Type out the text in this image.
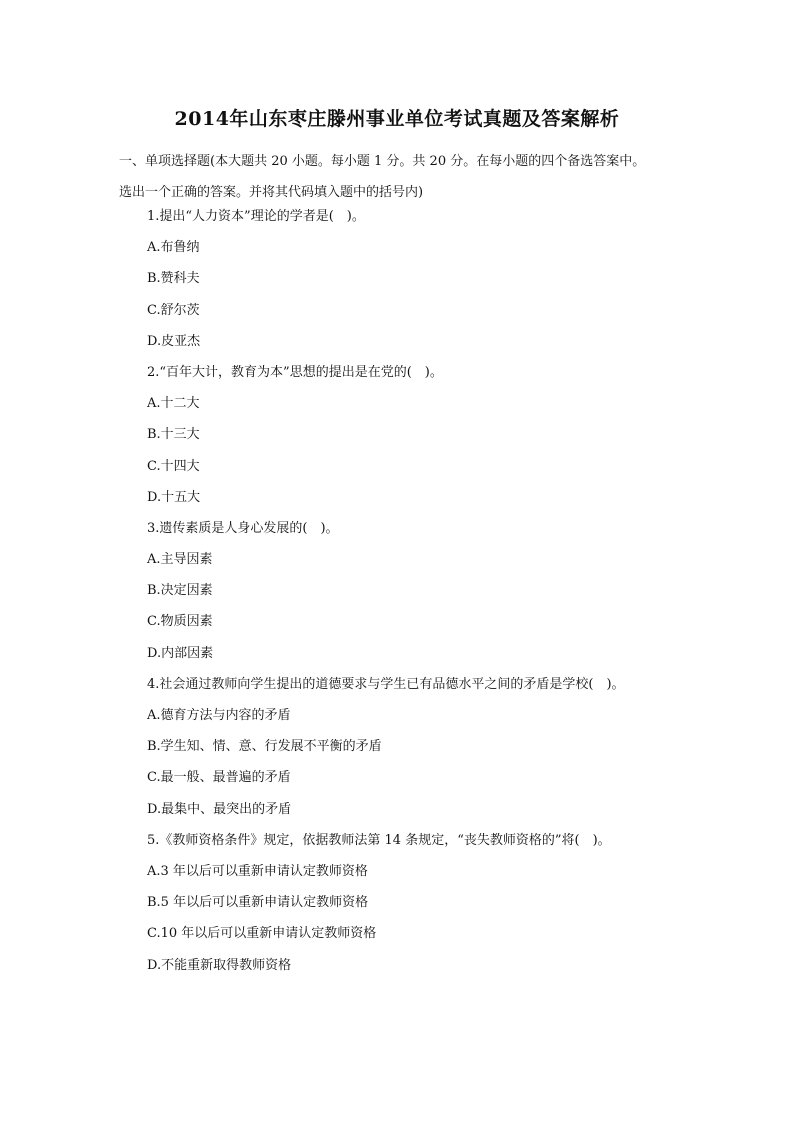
2014年山东枣庄滕州事业单位考试真题及答案解析
一、单项选择题(本大题共 20 小题。每小题 1 分。共 20 分。在每小题的四个备选答案中。
选出一个正确的答案。并将其代码填入题中的括号内)
1.提出“人力资本”理论的学者是(　)。
A.布鲁纳
B.赞科夫
C.舒尔茨
D.皮亚杰
2.“百年大计，教育为本”思想的提出是在党的(　)。
A.十二大
B.十三大
C.十四大
D.十五大
3.遗传素质是人身心发展的(　)。
A.主导因素
B.决定因素
C.物质因素
D.内部因素
4.社会通过教师向学生提出的道德要求与学生已有品德水平之间的矛盾是学校(　)。
A.德育方法与内容的矛盾
B.学生知、情、意、行发展不平衡的矛盾
C.最一般、最普遍的矛盾
D.最集中、最突出的矛盾
5.《教师资格条件》规定，依据教师法第 14 条规定，“丧失教师资格的”将(　)。
A.3 年以后可以重新申请认定教师资格
B.5 年以后可以重新申请认定教师资格
C.10 年以后可以重新申请认定教师资格
D.不能重新取得教师资格
